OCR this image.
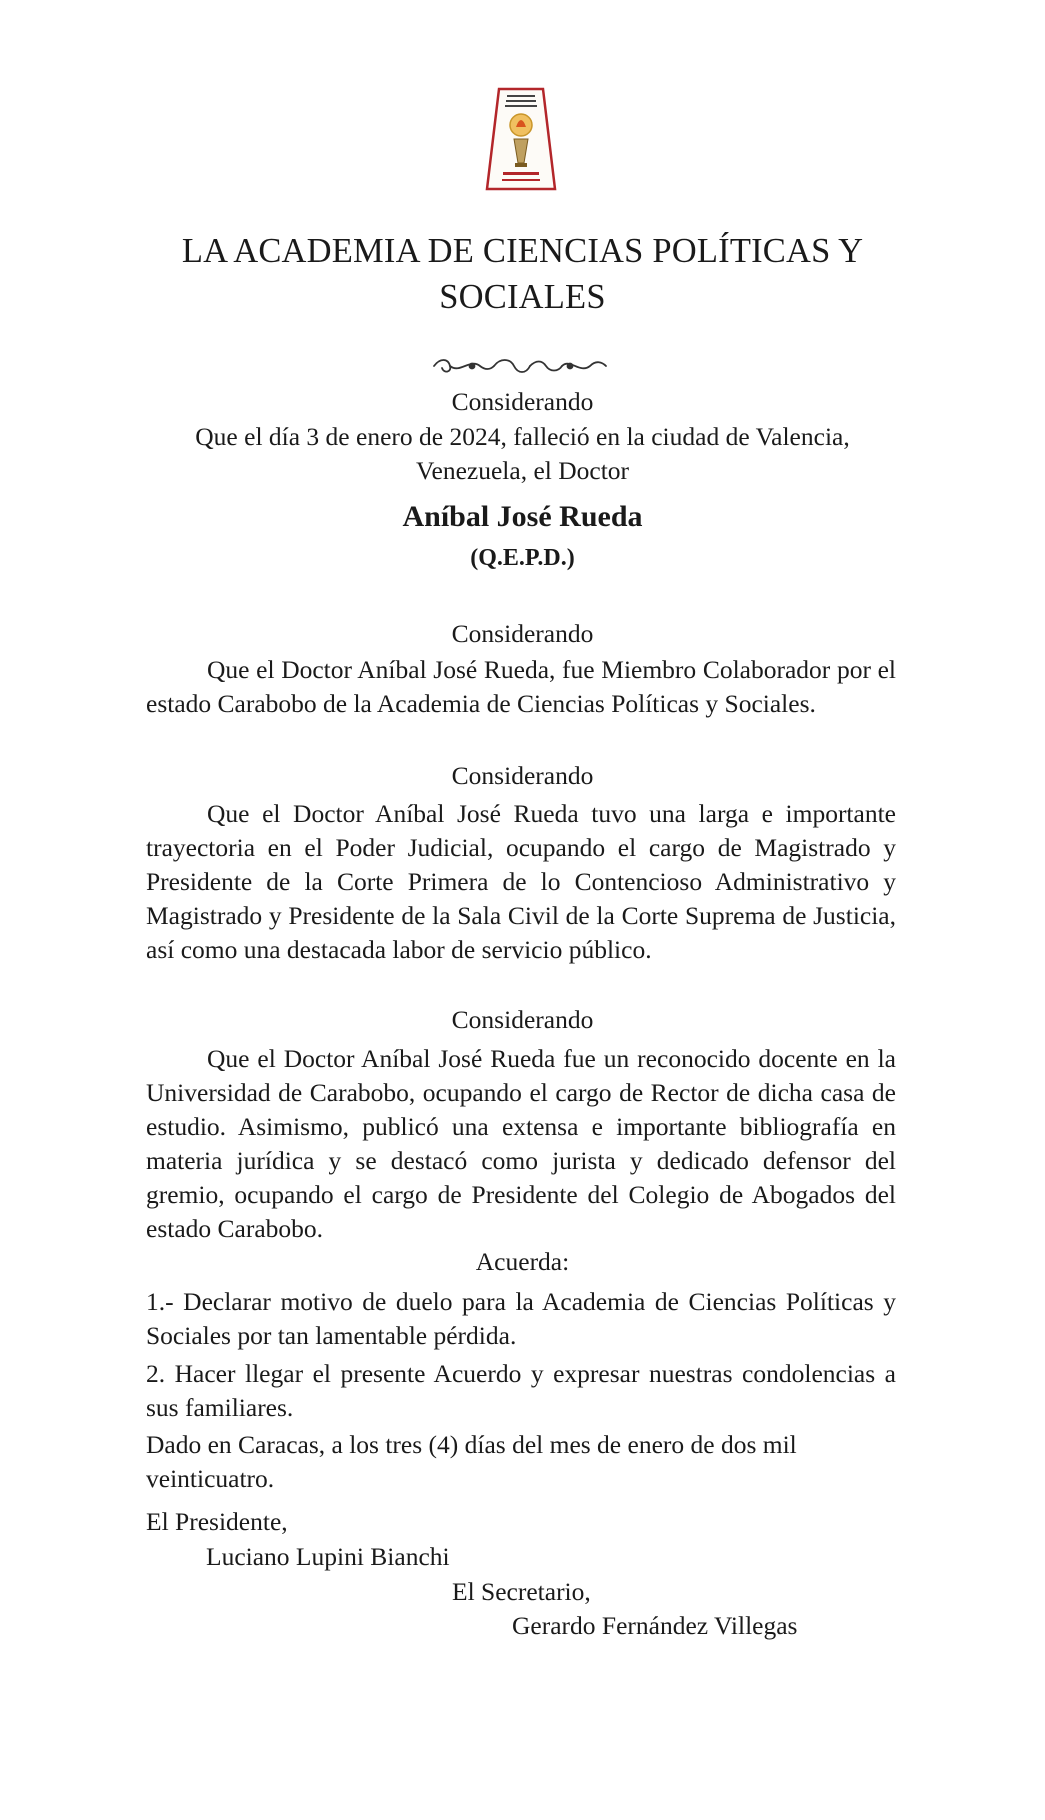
LA ACADEMIA DE CIENCIAS POLÍTICAS Y SOCIALES

Considerando

Que el día 3 de enero de 2024, falleció en la ciudad de Valencia,

Venezuela, el Doctor

Aníbal José Rueda

(Q.E.P.D.)

Considerando

Que el Doctor Aníbal José Rueda, fue Miembro Colaborador por el estado Carabobo de la Academia de Ciencias Políticas y Sociales.

Considerando

Que el Doctor Aníbal José Rueda tuvo una larga e importante trayectoria en el Poder Judicial, ocupando el cargo de Magistrado y Presidente de la Corte Primera de lo Contencioso Administrativo y Magistrado y Presidente de la Sala Civil de la Corte Suprema de Justicia, así como una destacada labor de servicio público.

Considerando

Que el Doctor Aníbal José Rueda fue un reconocido docente en la Universidad de Carabobo, ocupando el cargo de Rector de dicha casa de estudio. Asimismo, publicó una extensa e importante bibliografía en materia jurídica y se destacó como jurista y dedicado defensor del gremio, ocupando el cargo de Presidente del Colegio de Abogados del estado Carabobo.

Acuerda:

1.- Declarar motivo de duelo para la Academia de Ciencias Políticas y Sociales por tan lamentable pérdida.

2. Hacer llegar el presente Acuerdo y expresar nuestras condolencias a sus familiares.

Dado en Caracas, a los tres (4) días del mes de enero de dos mil veinticuatro.

El Presidente,

Luciano Lupini Bianchi

El Secretario,

Gerardo Fernández Villegas
